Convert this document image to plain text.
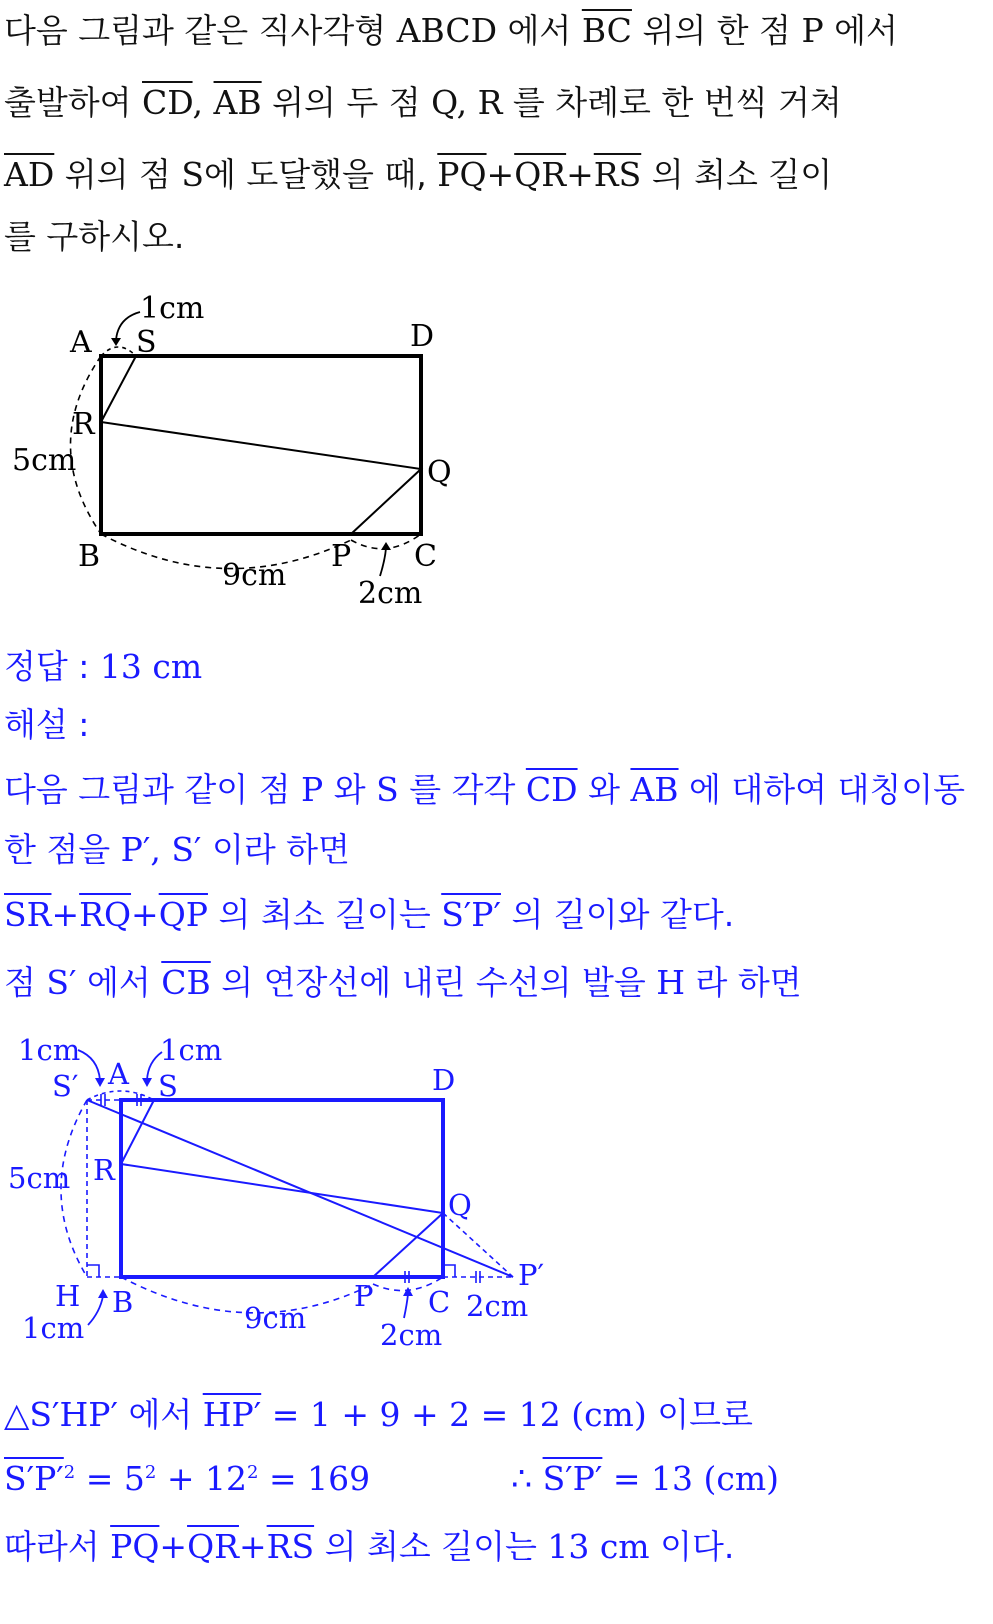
다음 그림과 같은 직사각형 ABCD 에서 $\overline{BC}$ 위의 한 점 P 에서
출발하여 $\overline{CD}$, $\overline{AB}$ 위의 두 점 Q, R 를 차례로 한 번씩 거쳐
$\overline{AD}$ 위의 점 S에 도달했을 때, $\overline{PQ}+\overline{QR}+\overline{RS}$ 의 최소 길이
를 구하시오.
A S	D
R
Q
B	P C
1cm
5cm
9cm
2cm
정답 : 13 cm
해설 :
다음 그림과 같이 점 P 와 S 를 각각 $\overline{CD}$ 와 $\overline{AB}$ 에 대하여 대칭이동
한 점을 P′, S′ 이라 하면
$\overline{SR}+\overline{RQ}+\overline{QP}$ 의 최소 길이는 S′P′ 의 길이와 같다.
점 S′ 에서 $\overline{CB}$ 의 연장선에 내린 수선의 발을 H 라 하면
1cm	1cm
S′ A S	D
R
5cm
Q
H B	P C
P′
2cm
1cm	9cm	2cm
△S′HP′ 에서 HP′ = 1 + 9 + 2 = 12 (cm) 이므로
$S'P'^2 = 5^2 + 12^2 = 169$	∴ S′P′ = 13 (cm)
따라서 $\overline{PQ}+\overline{QR}+\overline{RS}$ 의 최소 길이는 13 cm 이다.
